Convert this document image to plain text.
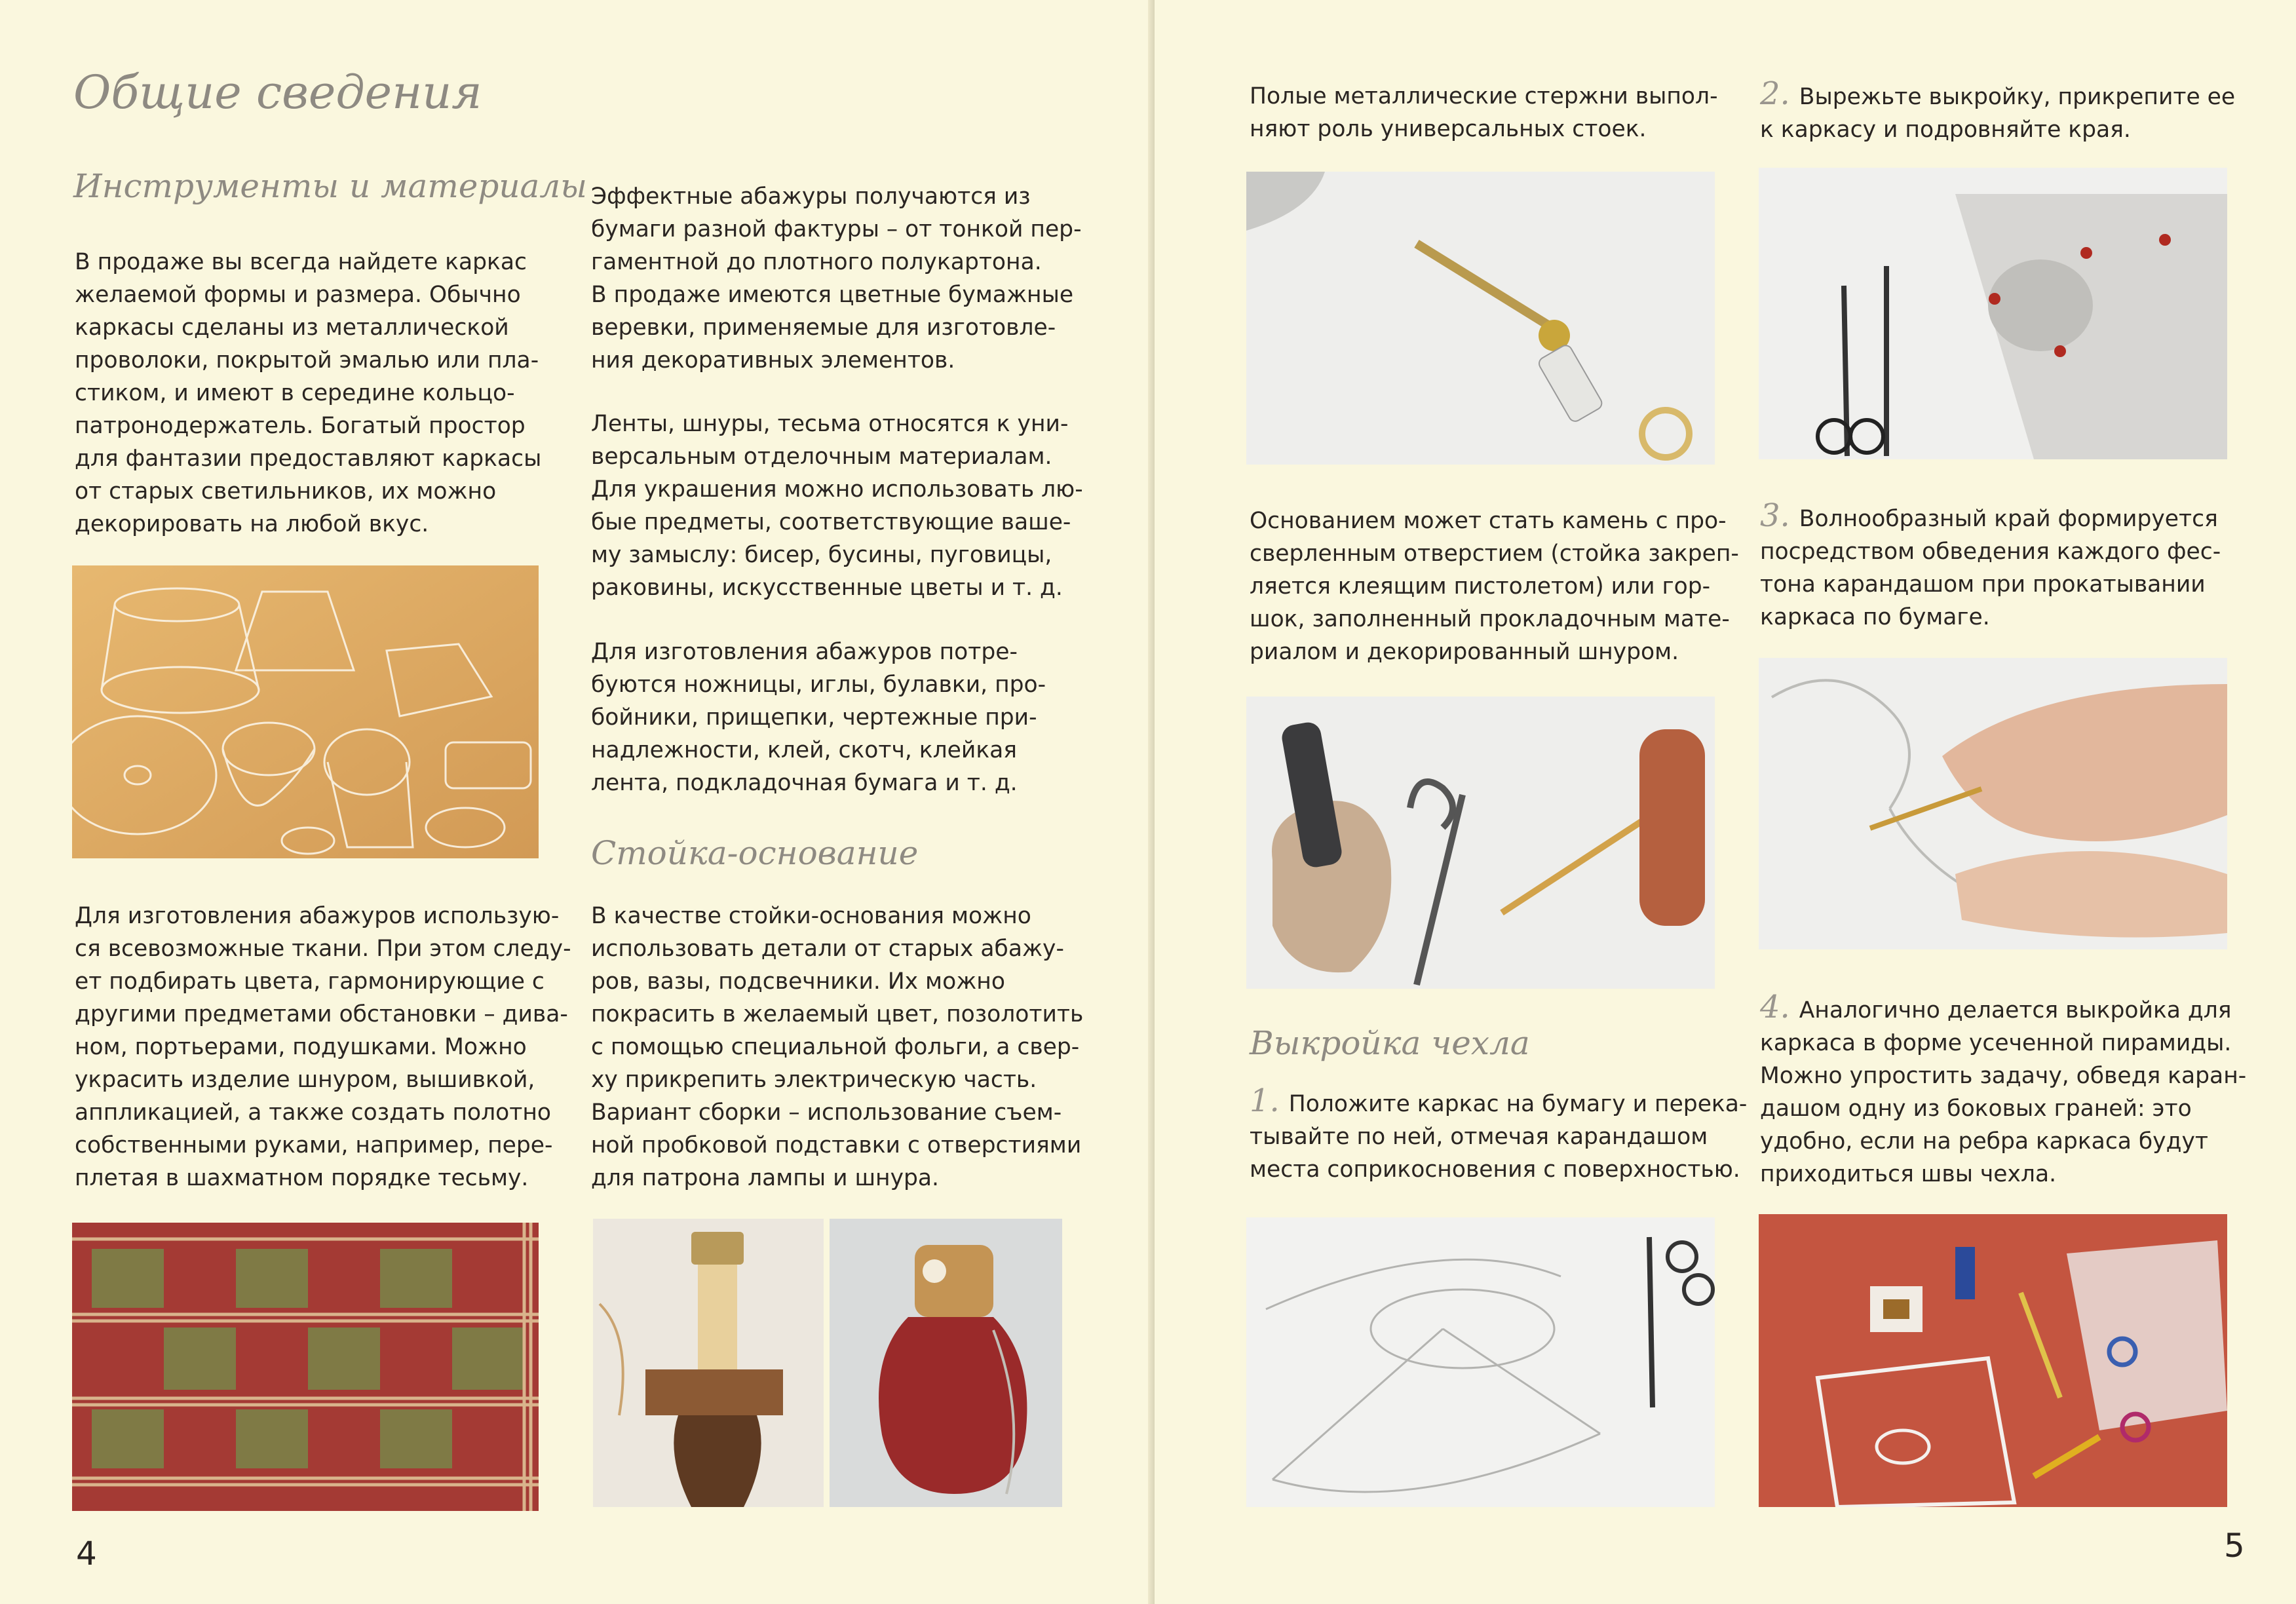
Общие сведения
Инструменты и материалы
В продаже вы всегда найдете каркас
желаемой формы и размера. Обычно
каркасы сделаны из металлической
проволоки, покрытой эмалью или пла-
стиком, и имеют в середине кольцо-
патронодержатель. Богатый простор
для фантазии предоставляют каркасы
от старых светильников, их можно
декорировать на любой вкус.
Для изготовления абажуров использую-
ся всевозможные ткани. При этом следу-
ет подбирать цвета, гармонирующие с
другими предметами обстановки – дива-
ном, портьерами, подушками. Можно
украсить изделие шнуром, вышивкой,
аппликацией, а также создать полотно
собственными руками, например, пере-
плетая в шахматном порядке тесьму.
Эффектные абажуры получаются из
бумаги разной фактуры – от тонкой пер-
гаментной до плотного полукартона.
В продаже имеются цветные бумажные
веревки, применяемые для изготовле-
ния декоративных элементов.
Ленты, шнуры, тесьма относятся к уни-
версальным отделочным материалам.
Для украшения можно использовать лю-
бые предметы, соответствующие ваше-
му замыслу: бисер, бусины, пуговицы,
раковины, искусственные цветы и т. д.
Для изготовления абажуров потре-
буются ножницы, иглы, булавки, про-
бойники, прищепки, чертежные при-
надлежности, клей, скотч, клейкая
лента, подкладочная бумага и т. д.
Стойка-основание
В качестве стойки-основания можно
использовать детали от старых абажу-
ров, вазы, подсвечники. Их можно
покрасить в желаемый цвет, позолотить
с помощью специальной фольги, а свер-
ху прикрепить электрическую часть.
Вариант сборки – использование съем-
ной пробковой подставки с отверстиями
для патрона лампы и шнура.
4
Полые металлические стержни выпол-
няют роль универсальных стоек.
Основанием может стать камень с про-
сверленным отверстием (стойка закреп-
ляется клеящим пистолетом) или гор-
шок, заполненный прокладочным мате-
риалом и декорированный шнуром.
Выкройка чехла
1. Положите каркас на бумагу и перека-
тывайте по ней, отмечая карандашом
места соприкосновения с поверхностью.
2. Вырежьте выкройку, прикрепите ее
к каркасу и подровняйте края.
3. Волнообразный край формируется
посредством обведения каждого фес-
тона карандашом при прокатывании
каркаса по бумаге.
4. Аналогично делается выкройка для
каркаса в форме усеченной пирамиды.
Можно упростить задачу, обведя каран-
дашом одну из боковых граней: это
удобно, если на ребра каркаса будут
приходиться швы чехла.
5
